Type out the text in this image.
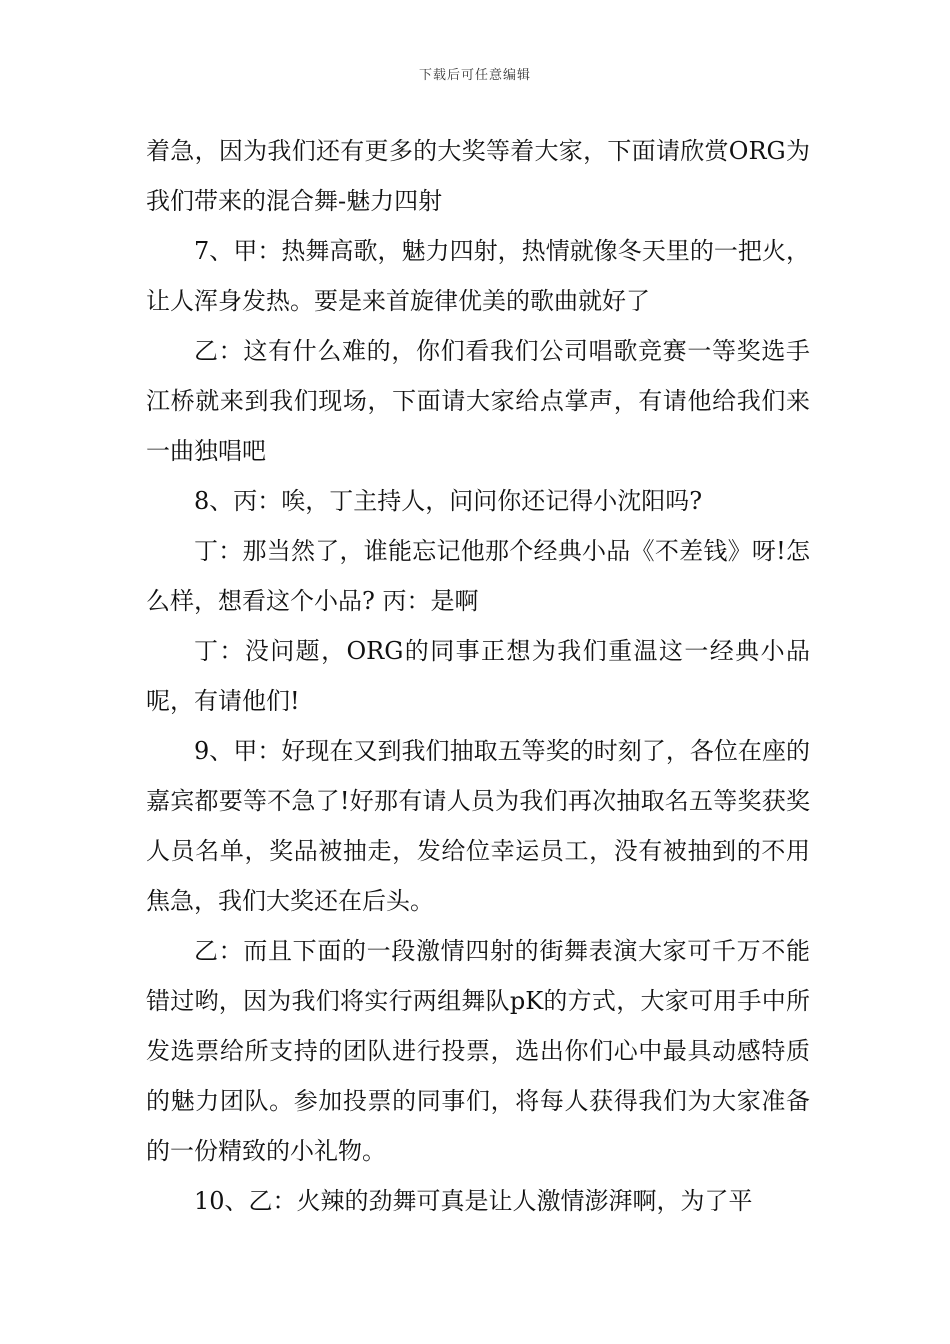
下载后可任意编辑

着急，因为我们还有更多的大奖等着大家，下面请欣赏ORG为我们带来的混合舞-魅力四射

7、甲：热舞高歌，魅力四射，热情就像冬天里的一把火，让人浑身发热。要是来首旋律优美的歌曲就好了

乙：这有什么难的，你们看我们公司唱歌竞赛一等奖选手江桥就来到我们现场，下面请大家给点掌声，有请他给我们来一曲独唱吧

8、丙：唉，丁主持人，问问你还记得小沈阳吗?

丁：那当然了，谁能忘记他那个经典小品《不差钱》呀!怎么样，想看这个小品? 丙：是啊

丁：没问题，ORG的同事正想为我们重温这一经典小品呢，有请他们!

9、甲：好现在又到我们抽取五等奖的时刻了，各位在座的嘉宾都要等不急了!好那有请人员为我们再次抽取名五等奖获奖人员名单，奖品被抽走，发给位幸运员工，没有被抽到的不用焦急，我们大奖还在后头。

乙：而且下面的一段激情四射的街舞表演大家可千万不能错过哟，因为我们将实行两组舞队pK的方式，大家可用手中所发选票给所支持的团队进行投票，选出你们心中最具动感特质的魅力团队。参加投票的同事们，将每人获得我们为大家准备的一份精致的小礼物。

10、乙：火辣的劲舞可真是让人激情澎湃啊，为了平
